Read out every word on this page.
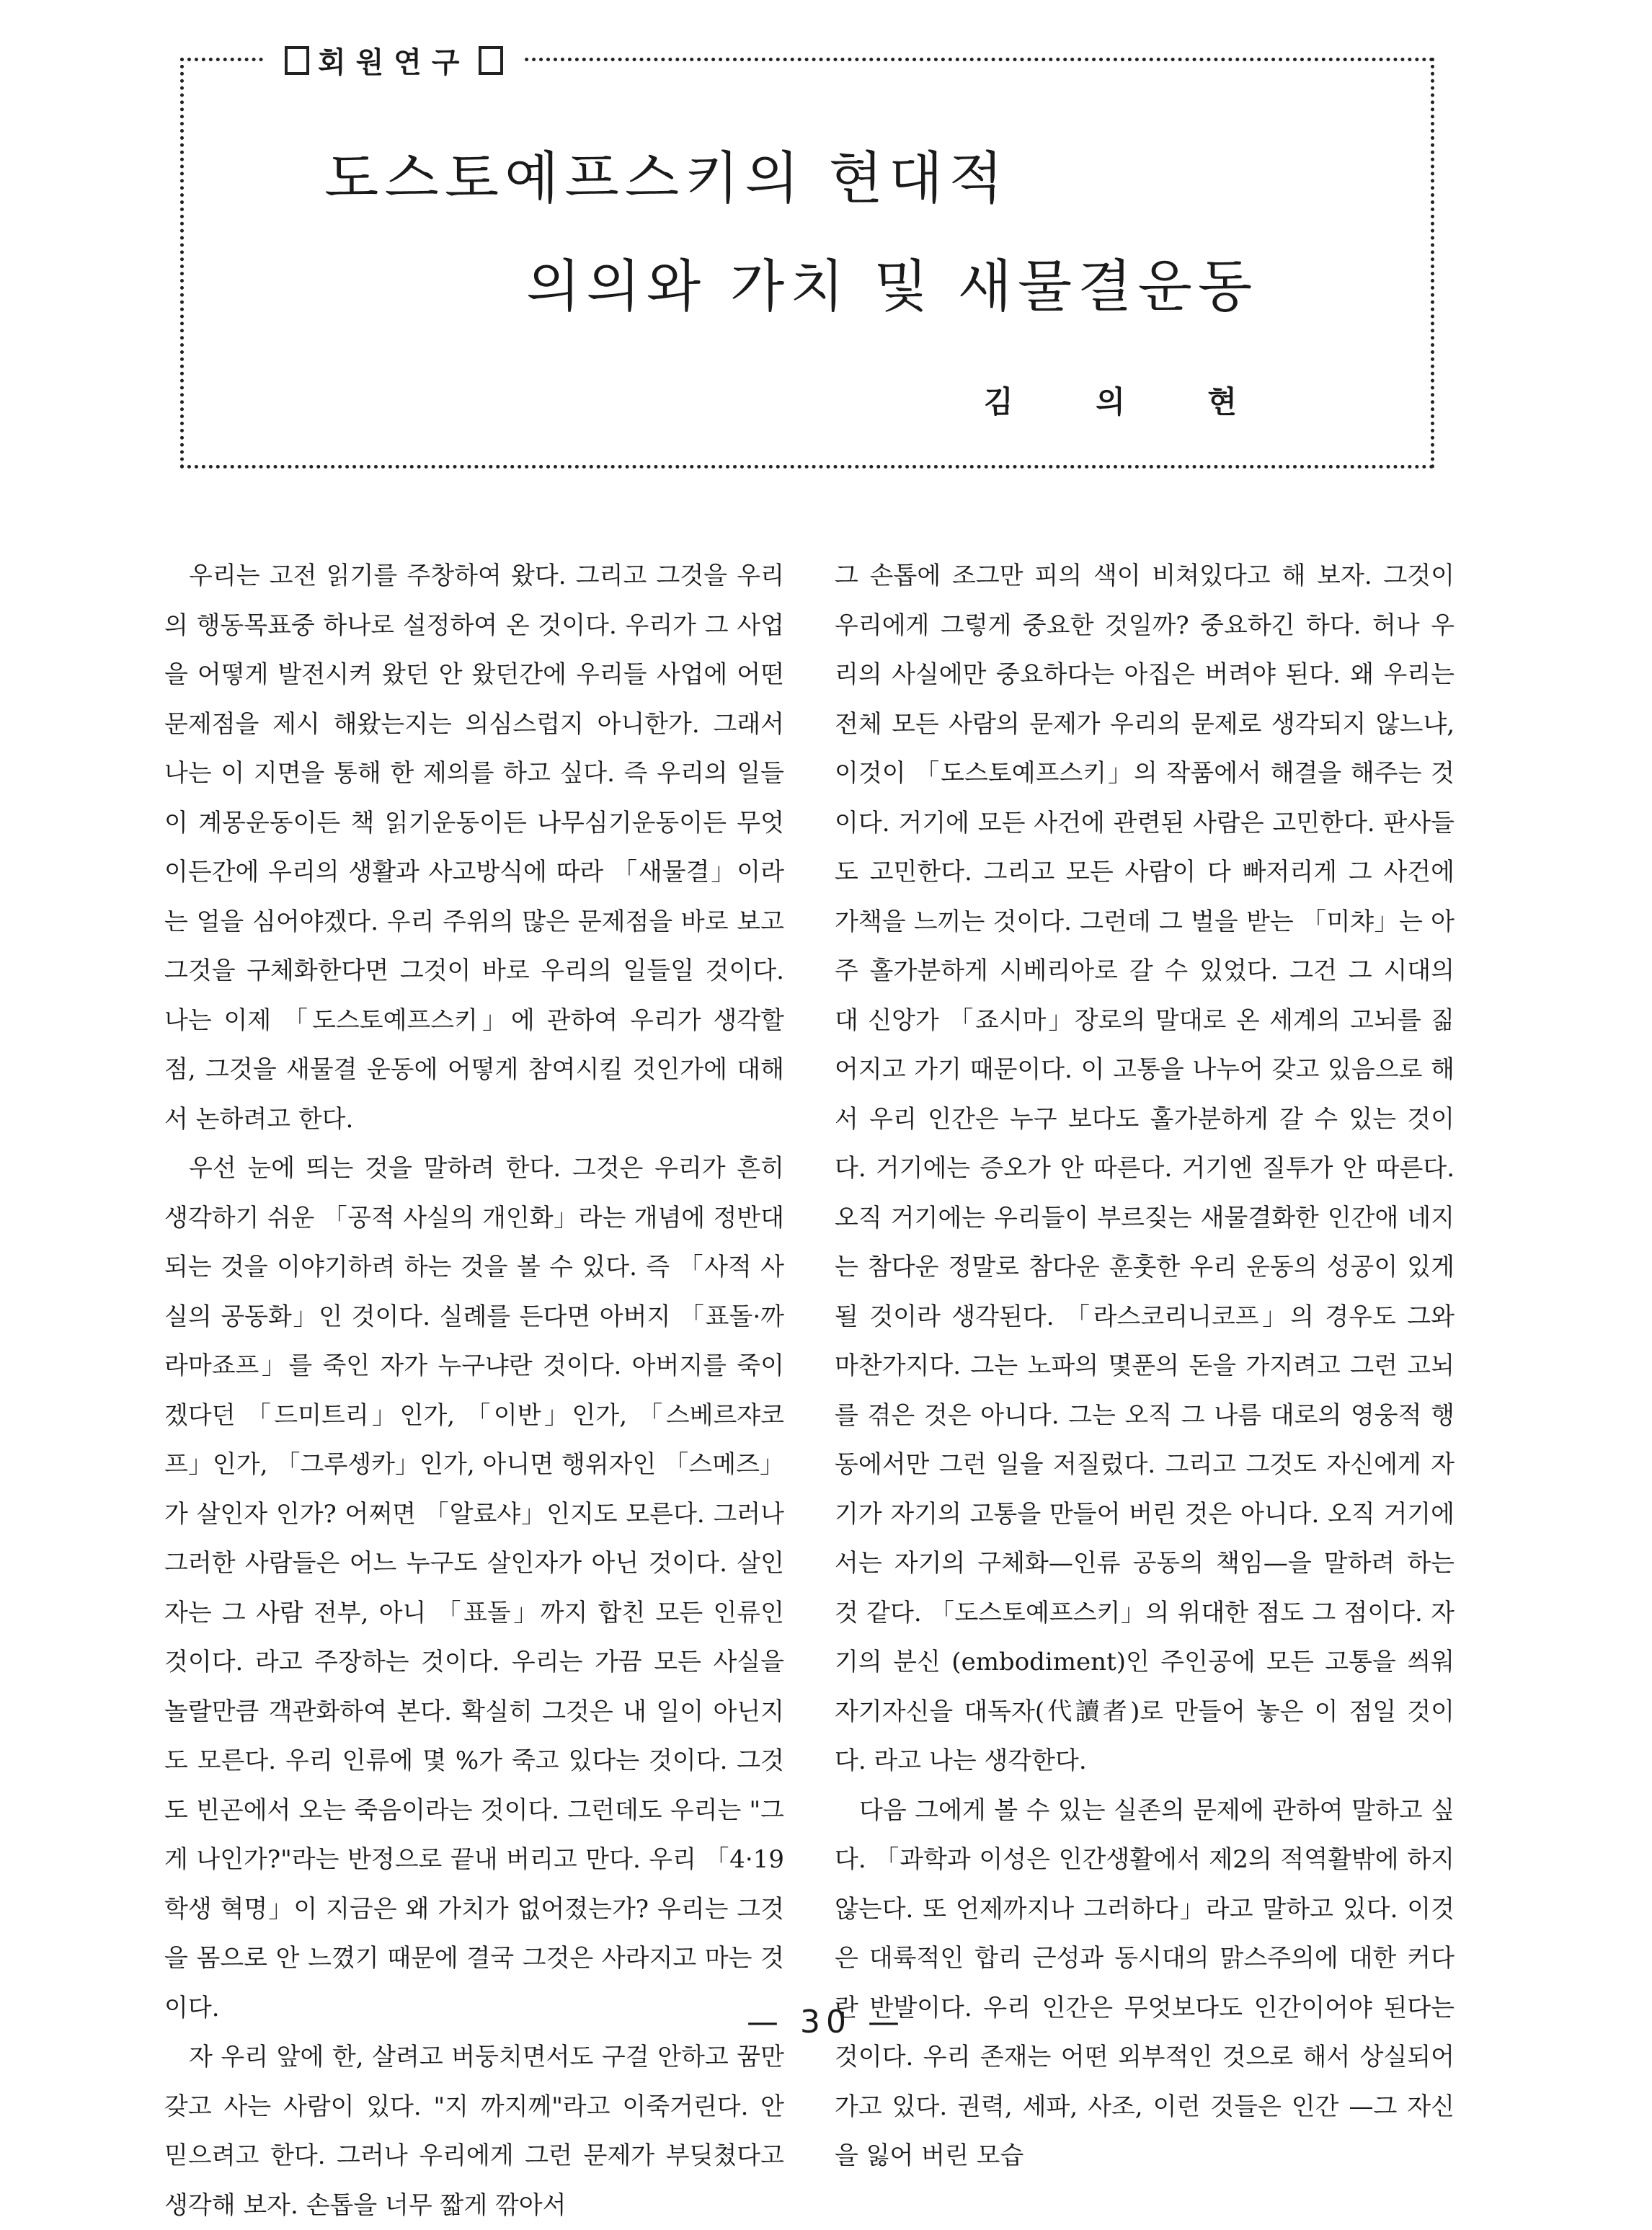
회원연구
도스토예프스키의 현대적
의의와 가치 및 새물결운동
김 의 현

우리는 고전 읽기를 주창하여 왔다. 그리고 그것을 우리의 행동목표중 하나로 설정하여 온 것이다. 우리가 그 사업을 어떻게 발전시켜 왔던 안 왔던간에 우리들 사업에 어떤 문제점을 제시 해왔는지는 의심스럽지 아니한가. 그래서 나는 이 지면을 통해 한 제의를 하고 싶다. 즉 우리의 일들이 계몽운동이든 책 읽기운동이든 나무심기운동이든 무엇이든간에 우리의 생활과 사고방식에 따라 「새물결」이라는 얼을 심어야겠다. 우리 주위의 많은 문제점을 바로 보고 그것을 구체화한다면 그것이 바로 우리의 일들일 것이다. 나는 이제 「도스토예프스키」에 관하여 우리가 생각할 점, 그것을 새물결 운동에 어떻게 참여시킬 것인가에 대해서 논하려고 한다.

우선 눈에 띄는 것을 말하려 한다. 그것은 우리가 흔히 생각하기 쉬운 「공적 사실의 개인화」라는 개념에 정반대되는 것을 이야기하려 하는 것을 볼 수 있다. 즉 「사적 사실의 공동화」인 것이다. 실례를 든다면 아버지 「표돌·까라마죠프」를 죽인 자가 누구냐란 것이다. 아버지를 죽이겠다던 「드미트리」인가, 「이반」인가, 「스베르쟈코프」인가, 「그루셍카」인가, 아니면 행위자인 「스메즈」가 살인자 인가? 어쩌면 「알료샤」인지도 모른다. 그러나 그러한 사람들은 어느 누구도 살인자가 아닌 것이다. 살인자는 그 사람 전부, 아니 「표돌」까지 합친 모든 인류인 것이다. 라고 주장하는 것이다. 우리는 가끔 모든 사실을 놀랄만큼 객관화하여 본다. 확실히 그것은 내 일이 아닌지도 모른다. 우리 인류에 몇 %가 죽고 있다는 것이다. 그것도 빈곤에서 오는 죽음이라는 것이다. 그런데도 우리는 "그게 나인가?"라는 반정으로 끝내 버리고 만다. 우리 「4·19학생 혁명」이 지금은 왜 가치가 없어졌는가? 우리는 그것을 몸으로 안 느꼈기 때문에 결국 그것은 사라지고 마는 것이다.

자 우리 앞에 한, 살려고 버둥치면서도 구걸 안하고 꿈만 갖고 사는 사람이 있다. "지 까지께"라고 이죽거린다. 안 믿으려고 한다. 그러나 우리에게 그런 문제가 부딪쳤다고 생각해 보자. 손톱을 너무 짧게 깎아서

그 손톱에 조그만 피의 색이 비쳐있다고 해 보자. 그것이 우리에게 그렇게 중요한 것일까? 중요하긴 하다. 허나 우리의 사실에만 중요하다는 아집은 버려야 된다. 왜 우리는 전체 모든 사람의 문제가 우리의 문제로 생각되지 않느냐, 이것이 「도스토예프스키」의 작품에서 해결을 해주는 것이다. 거기에 모든 사건에 관련된 사람은 고민한다. 판사들도 고민한다. 그리고 모든 사람이 다 빠저리게 그 사건에 가책을 느끼는 것이다. 그런데 그 벌을 받는 「미챠」는 아주 홀가분하게 시베리아로 갈 수 있었다. 그건 그 시대의 대 신앙가 「죠시마」장로의 말대로 온 세계의 고뇌를 짊어지고 가기 때문이다. 이 고통을 나누어 갖고 있음으로 해서 우리 인간은 누구 보다도 홀가분하게 갈 수 있는 것이다. 거기에는 증오가 안 따른다. 거기엔 질투가 안 따른다. 오직 거기에는 우리들이 부르짖는 새물결화한 인간애 네지는 참다운 정말로 참다운 훈훗한 우리 운동의 성공이 있게 될 것이라 생각된다. 「라스코리니코프」의 경우도 그와 마찬가지다. 그는 노파의 몇푼의 돈을 가지려고 그런 고뇌를 겪은 것은 아니다. 그는 오직 그 나름 대로의 영웅적 행동에서만 그런 일을 저질렀다. 그리고 그것도 자신에게 자기가 자기의 고통을 만들어 버린 것은 아니다. 오직 거기에서는 자기의 구체화—인류 공동의 책임—을 말하려 하는 것 같다. 「도스토예프스키」의 위대한 점도 그 점이다. 자기의 분신 (embodiment)인 주인공에 모든 고통을 씌워 자기자신을 대독자(代讀者)로 만들어 놓은 이 점일 것이다. 라고 나는 생각한다.

다음 그에게 볼 수 있는 실존의 문제에 관하여 말하고 싶다. 「과학과 이성은 인간생활에서 제2의 적역활밖에 하지 않는다. 또 언제까지나 그러하다」라고 말하고 있다. 이것은 대륙적인 합리 근성과 동시대의 맑스주의에 대한 커다란 반발이다. 우리 인간은 무엇보다도 인간이어야 된다는 것이다. 우리 존재는 어떤 외부적인 것으로 해서 상실되어 가고 있다. 권력, 세파, 사조, 이런 것들은 인간 —그 자신을 잃어 버린 모습

— 30 —
